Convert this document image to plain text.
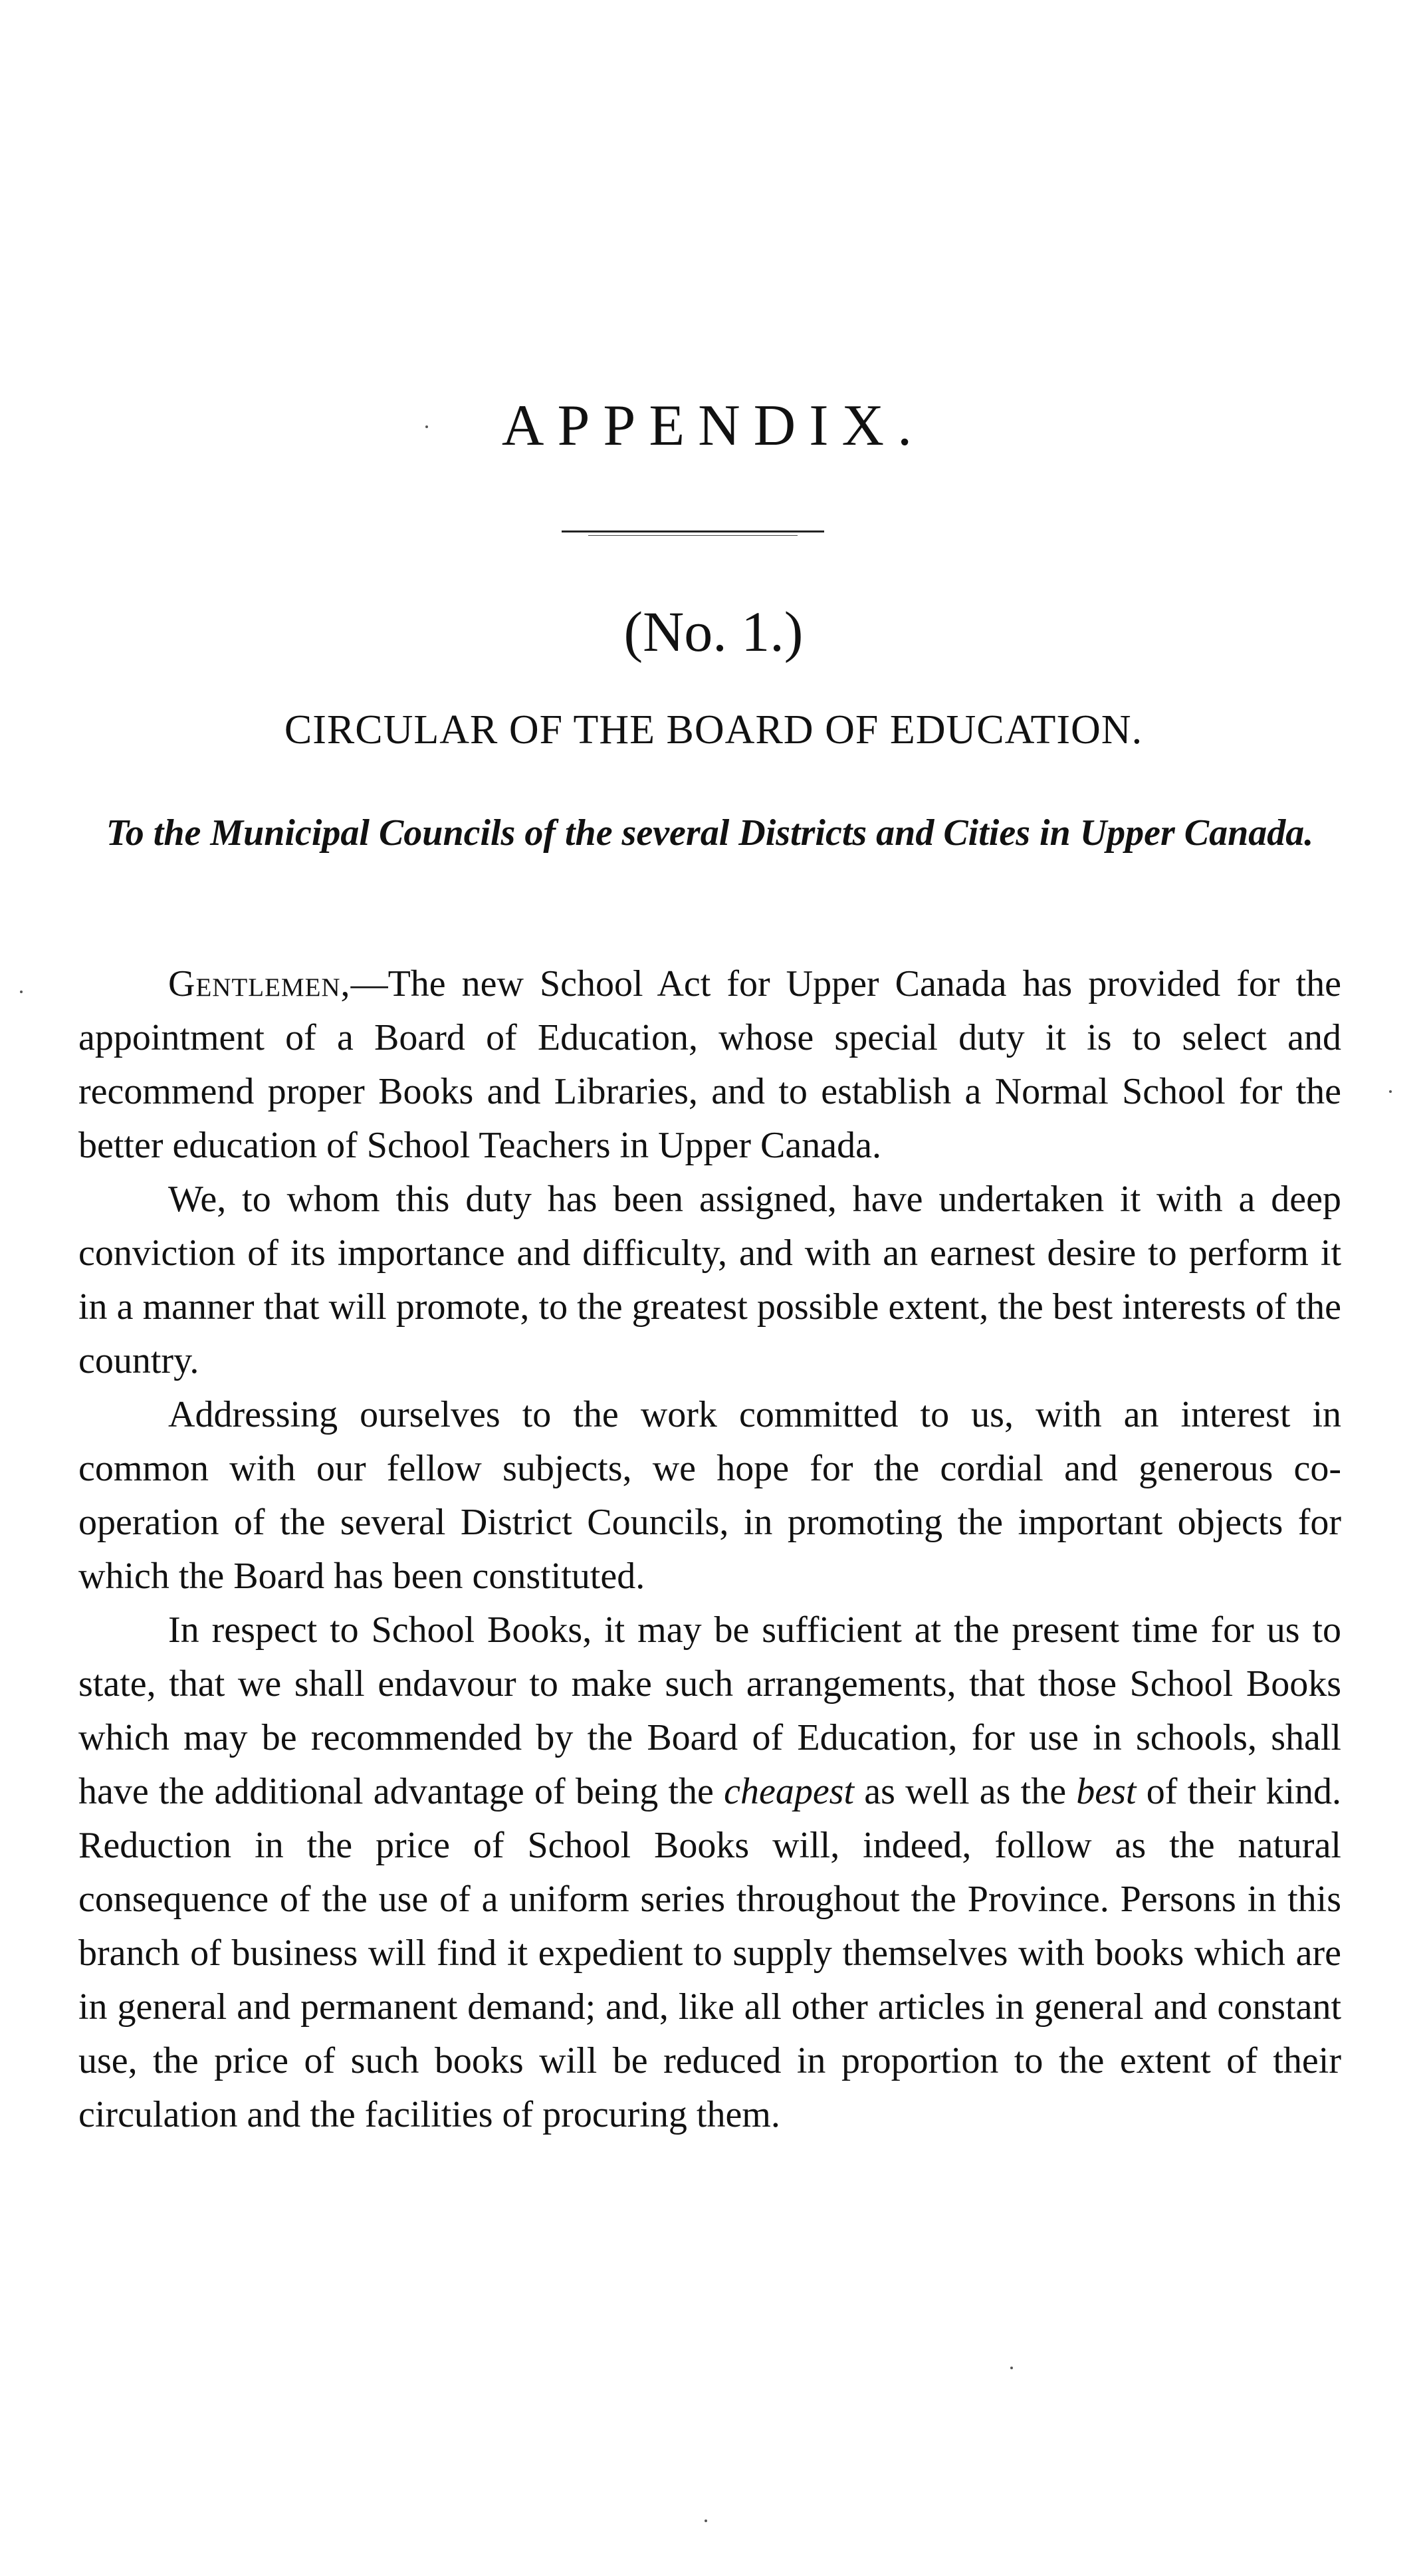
APPENDIX.
(No. 1.)
CIRCULAR OF THE BOARD OF EDUCATION.

To the Municipal Councils of the several Districts and Cities in Upper Canada.

Gentlemen,—The new School Act for Upper Canada has provided for the appointment of a Board of Education, whose special duty it is to select and recommend proper Books and Libraries, and to establish a Normal School for the better education of School Teachers in Upper Canada.

We, to whom this duty has been assigned, have undertaken it with a deep conviction of its importance and difficulty, and with an earnest desire to perform it in a manner that will promote, to the greatest possible extent, the best interests of the country.

Addressing ourselves to the work committed to us, with an interest in common with our fellow subjects, we hope for the cordial and generous co-operation of the several District Councils, in promoting the important objects for which the Board has been constituted.

In respect to School Books, it may be sufficient at the present time for us to state, that we shall endavour to make such arrangements, that those School Books which may be recommended by the Board of Education, for use in schools, shall have the additional advantage of being the cheapest as well as the best of their kind. Reduction in the price of School Books will, indeed, follow as the natural consequence of the use of a uniform series throughout the Province. Persons in this branch of business will find it expedient to supply themselves with books which are in general and permanent demand; and, like all other articles in general and constant use, the price of such books will be reduced in proportion to the extent of their circulation and the facilities of procuring them.
